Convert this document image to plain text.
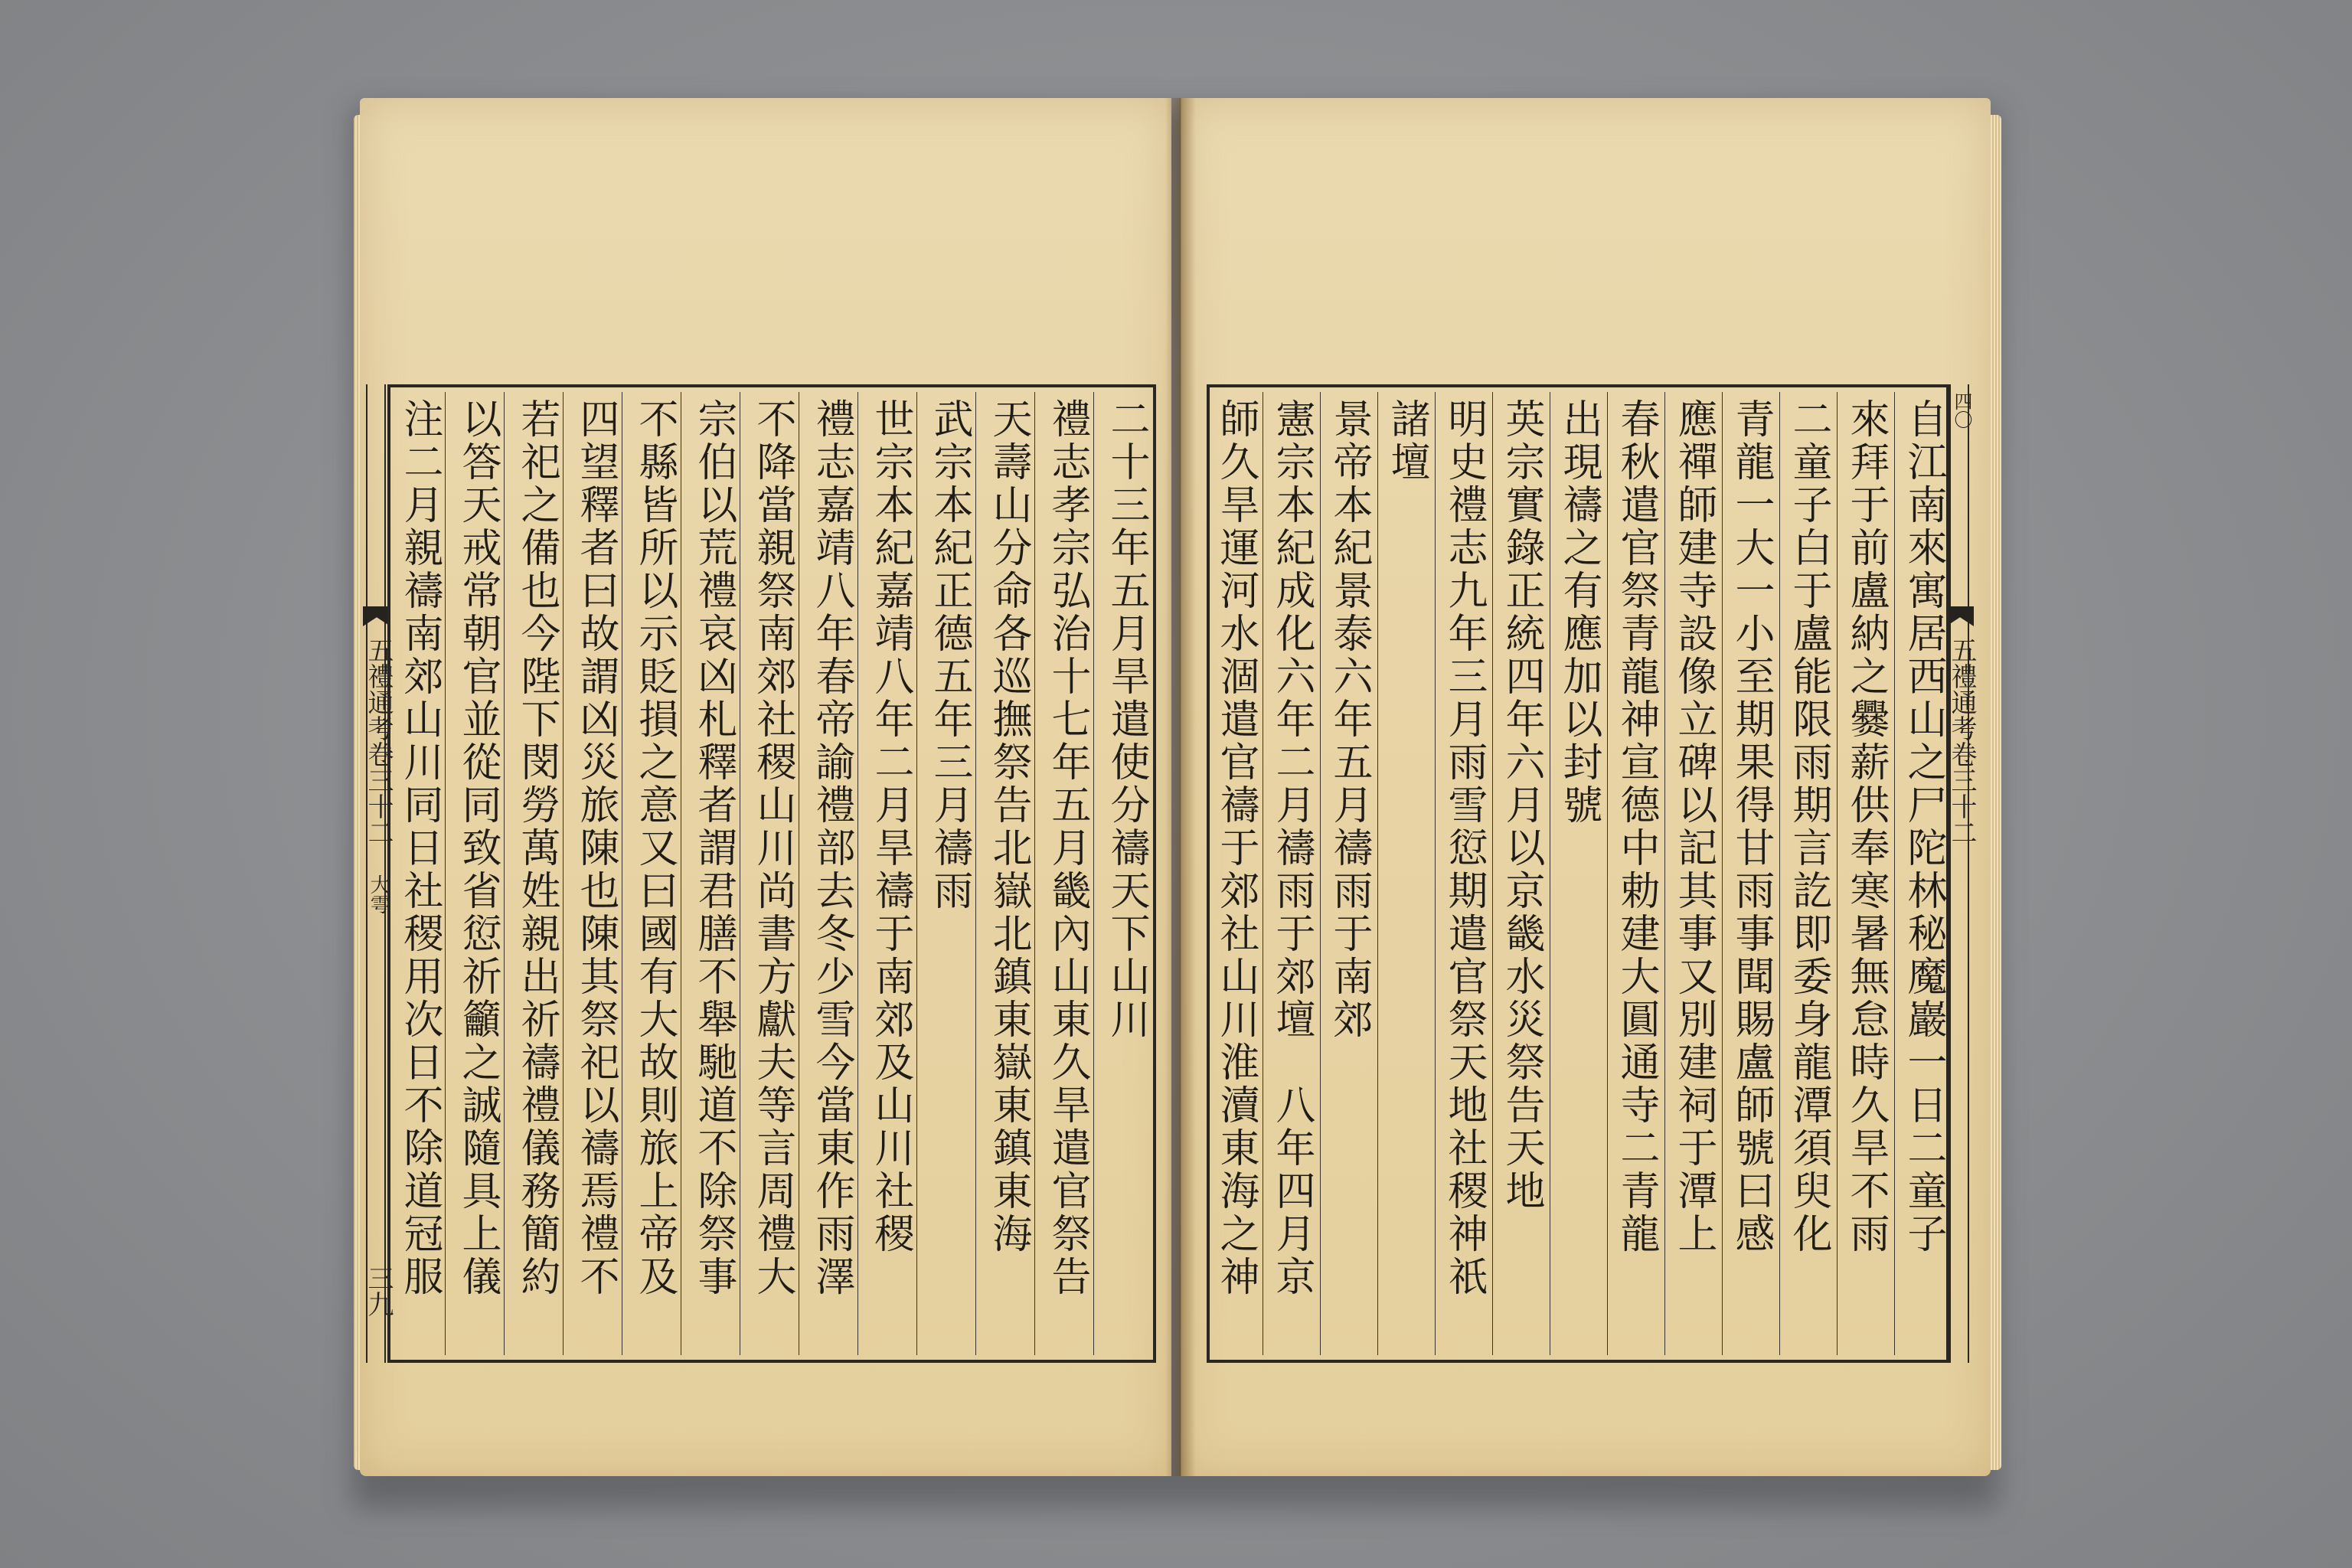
五禮通考卷三十二
大雩
三九
五禮通考卷三十二
四〇
二十三年五月旱遣使分禱天下山川
禮志孝宗弘治十七年五月畿內山東久旱遣官祭告
天壽山分命各巡撫祭告北嶽北鎮東嶽東鎮東海
武宗本紀正德五年三月禱雨
世宗本紀嘉靖八年二月旱禱于南郊及山川社稷
禮志嘉靖八年春帝諭禮部去冬少雪今當東作雨澤
不降當親祭南郊社稷山川尚書方獻夫等言周禮大
宗伯以荒禮哀凶札釋者謂君膳不舉馳道不除祭事
不縣皆所以示貶損之意又曰國有大故則旅上帝及
四望釋者曰故謂凶災旅陳也陳其祭祀以禱焉禮不
若祀之備也今陛下閔勞萬姓親出祈禱禮儀務簡約
以答天戒常朝官並從同致省愆祈籲之誠隨具上儀
注二月親禱南郊山川同日社稷用次日不除道冠服	自江南來寓居西山之尸陀林秘魔巖一日二童子
來拜于前盧納之爨薪供奉寒暑無怠時久旱不雨
二童子白于盧能限雨期言訖即委身龍潭須臾化
青龍一大一小至期果得甘雨事聞賜盧師號曰感
應禪師建寺設像立碑以記其事又別建祠于潭上
春秋遣官祭青龍神宣德中勅建大圓通寺二青龍
出現禱之有應加以封號
英宗實錄正統四年六月以京畿水災祭告天地
明史禮志九年三月雨雪愆期遣官祭天地社稷神祇
諸壇
景帝本紀景泰六年五月禱雨于南郊
憲宗本紀成化六年二月禱雨于郊壇　八年四月京
師久旱運河水涸遣官禱于郊社山川淮瀆東海之神
